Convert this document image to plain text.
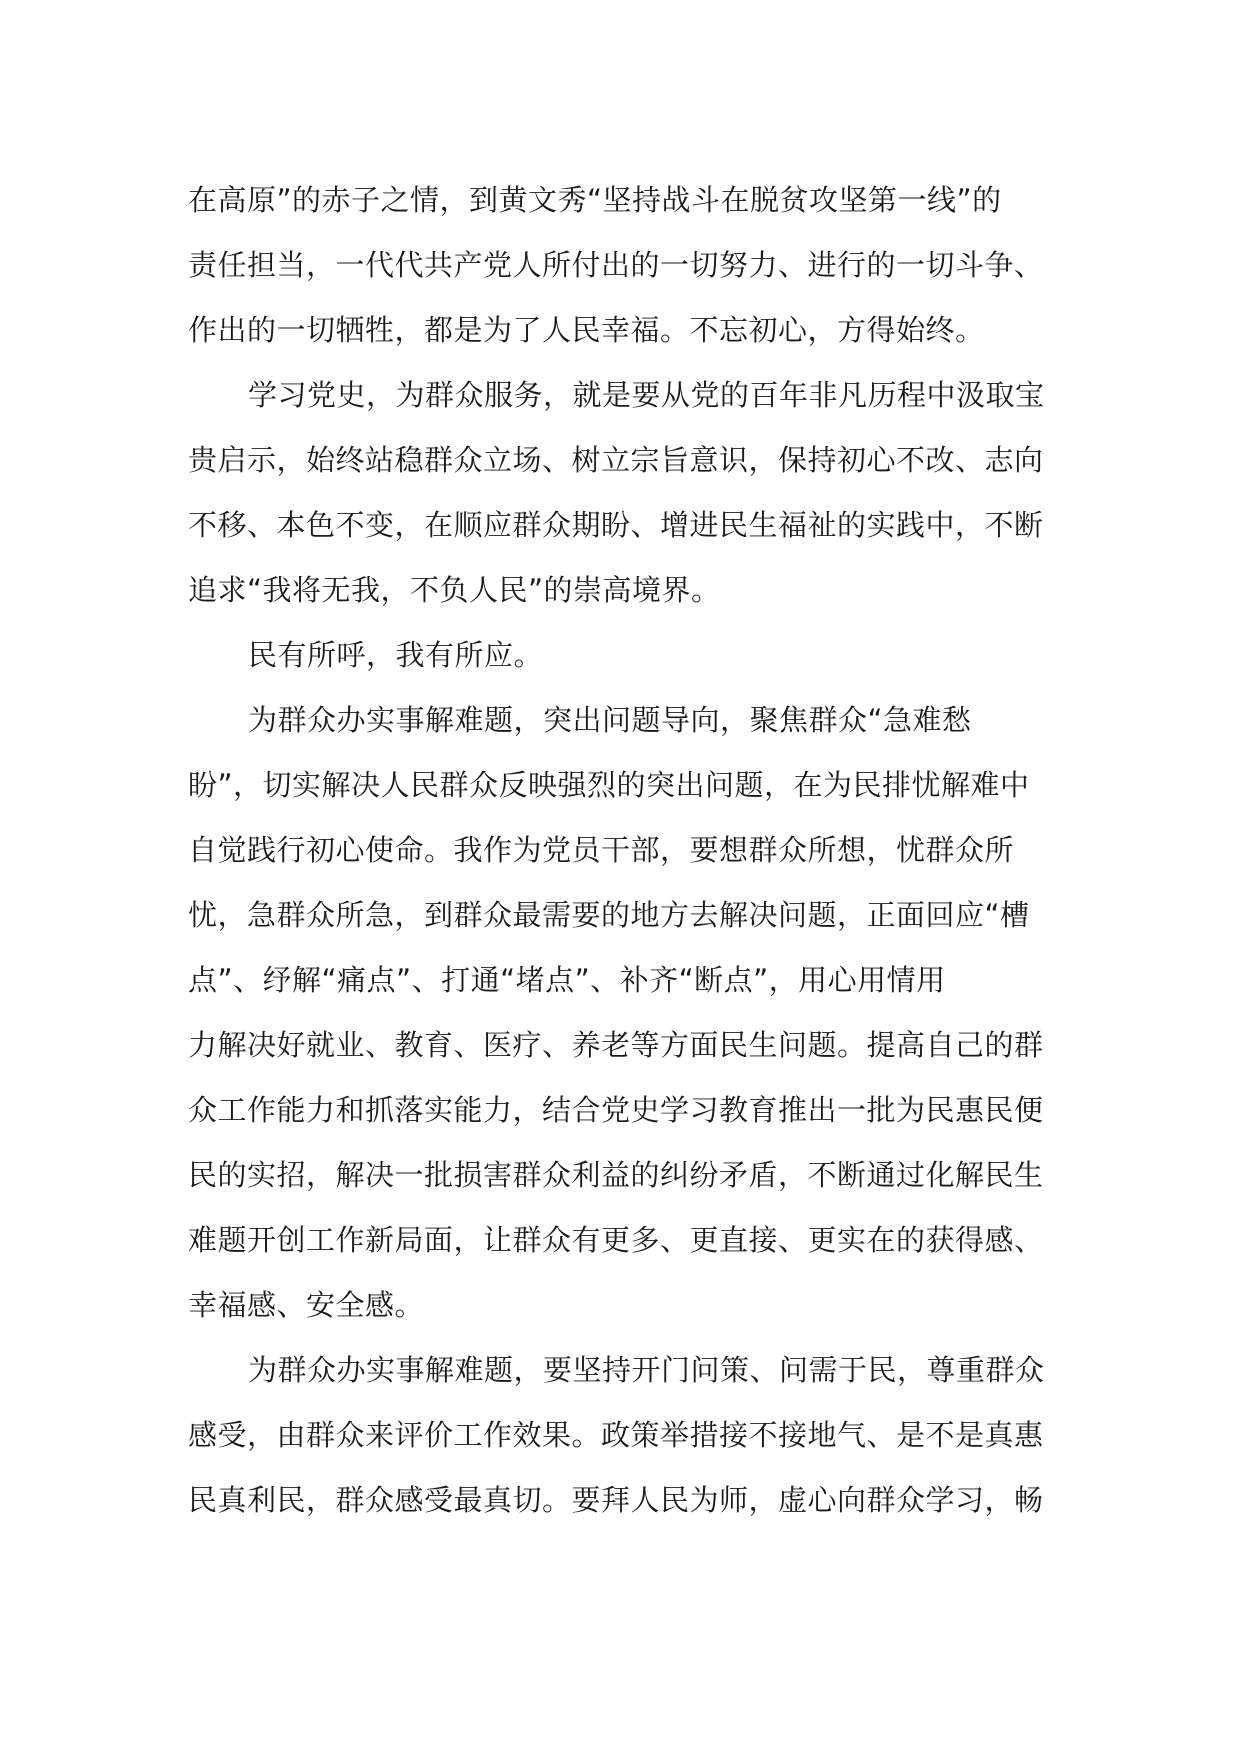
在高原”的赤子之情，到黄文秀“坚持战斗在脱贫攻坚第一线”的
责任担当，一代代共产党人所付出的一切努力、进行的一切斗争、
作出的一切牺牲，都是为了人民幸福。不忘初心，方得始终。
学习党史，为群众服务，就是要从党的百年非凡历程中汲取宝
贵启示，始终站稳群众立场、树立宗旨意识，保持初心不改、志向
不移、本色不变，在顺应群众期盼、增进民生福祉的实践中，不断
追求“我将无我，不负人民”的崇高境界。
民有所呼，我有所应。
为群众办实事解难题，突出问题导向，聚焦群众“急难愁
盼”，切实解决人民群众反映强烈的突出问题，在为民排忧解难中
自觉践行初心使命。我作为党员干部，要想群众所想，忧群众所
忧，急群众所急，到群众最需要的地方去解决问题，正面回应“槽
点”、纾解“痛点”、打通“堵点”、补齐“断点”，用心用情用
力解决好就业、教育、医疗、养老等方面民生问题。提高自己的群
众工作能力和抓落实能力，结合党史学习教育推出一批为民惠民便
民的实招，解决一批损害群众利益的纠纷矛盾，不断通过化解民生
难题开创工作新局面，让群众有更多、更直接、更实在的获得感、
幸福感、安全感。
为群众办实事解难题，要坚持开门问策、问需于民，尊重群众
感受，由群众来评价工作效果。政策举措接不接地气、是不是真惠
民真利民，群众感受最真切。要拜人民为师，虚心向群众学习，畅
